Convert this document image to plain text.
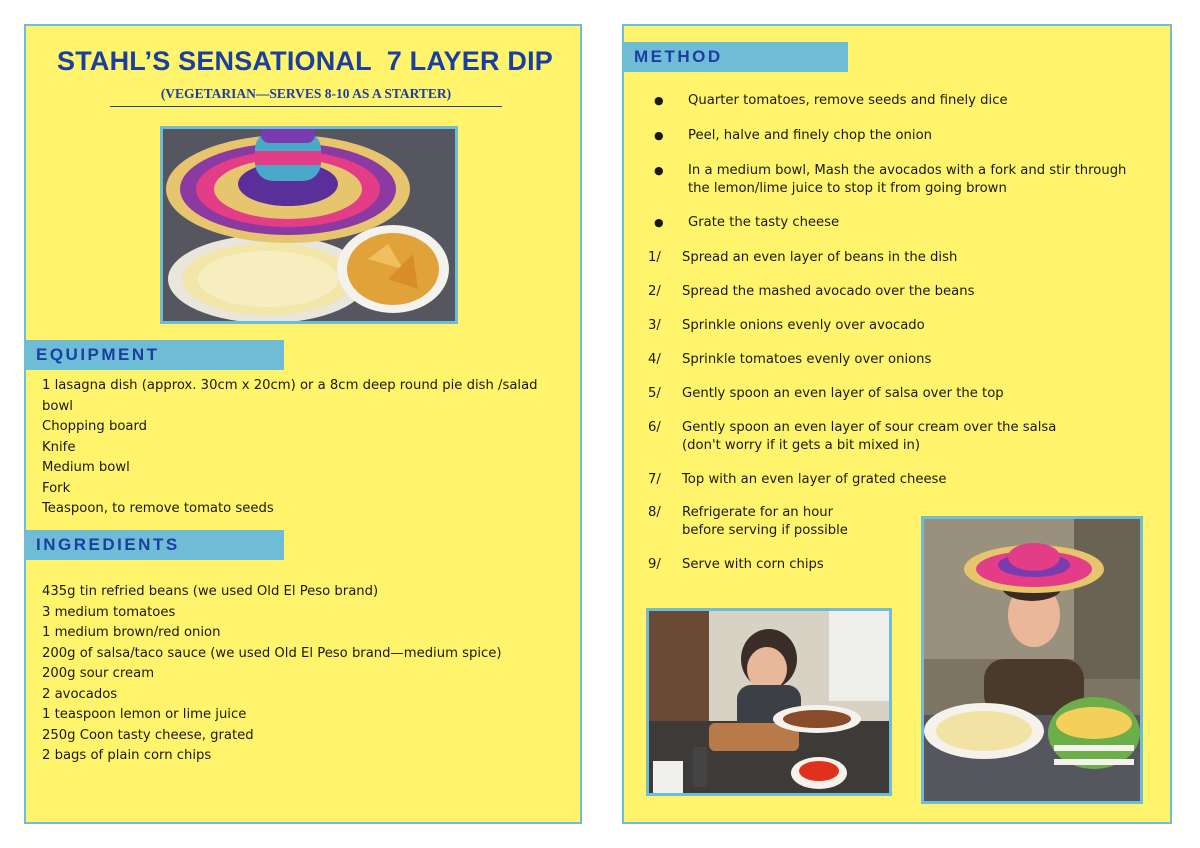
STAHL’S SENSATIONAL  7 LAYER DIP
(VEGETARIAN—SERVES 8-10 AS A STARTER)
EQUIPMENT
1 lasagna dish (approx. 30cm x 20cm) or a 8cm deep round pie dish /salad bowl
Chopping board
Knife
Medium bowl
Fork
Teaspoon, to remove tomato seeds
INGREDIENTS
435g tin refried beans (we used Old El Peso brand)
3 medium tomatoes
1 medium brown/red onion
200g of salsa/taco sauce (we used Old El Peso brand—medium spice)
200g sour cream
2 avocados
1 teaspoon lemon or lime juice
250g Coon tasty cheese, grated
2 bags of plain corn chips
METHOD
●	Quarter tomatoes, remove seeds and finely dice
●	Peel, halve and finely chop the onion
●	In a medium bowl, Mash the avocados with a fork and stir through the lemon/lime juice to stop it from going brown
●	Grate the tasty cheese
1/	Spread an even layer of beans in the dish
2/	Spread the mashed avocado over the beans
3/	Sprinkle onions evenly over avocado
4/	Sprinkle tomatoes evenly over onions
5/	Gently spoon an even layer of salsa over the top
6/	Gently spoon an even layer of sour cream over the salsa
(don't worry if it gets a bit mixed in)
7/	Top with an even layer of grated cheese
8/	Refrigerate for an hour
before serving if possible
9/	Serve with corn chips
